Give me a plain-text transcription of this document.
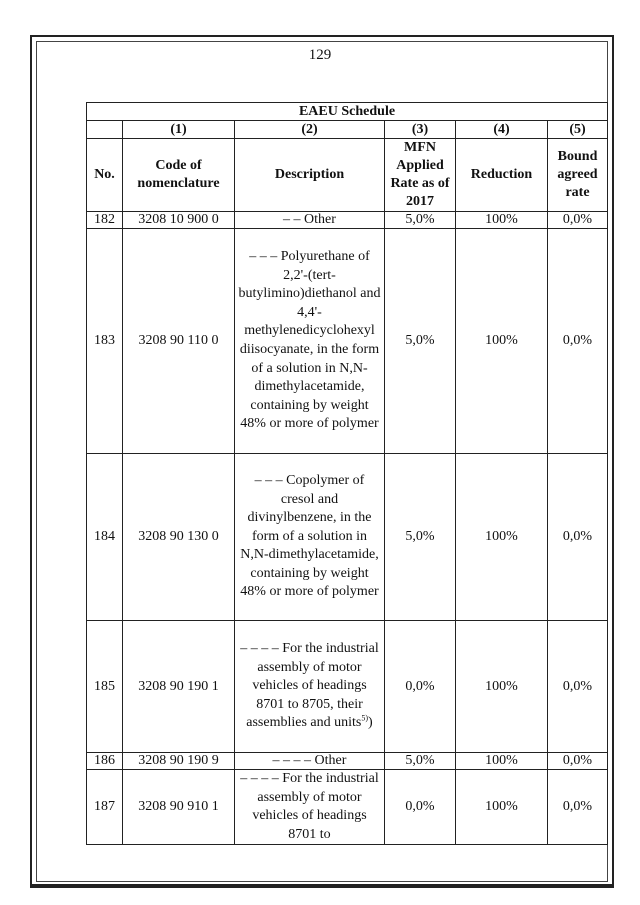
129
EAEU Schedule					
	(1)	(2)	(3)	(4)	(5)
No.	Code of nomenclature	Description	MFN Applied Rate as of 2017	Reduction	Bound agreed rate
182	3208 10 900 0	– – Other	5,0%	100%	0,0%
183	3208 90 110 0	– – – Polyurethane of 2,2'-(tert-butylimino)diethanol and 4,4'-methylenedicyclohexyl diisocyanate, in the form of a solution in N,N-dimethylacetamide, containing by weight 48% or more of polymer	5,0%	100%	0,0%
184	3208 90 130 0	– – – Copolymer of cresol and divinylbenzene, in the form of a solution in N,N-dimethylacetamide, containing by weight 48% or more of polymer	5,0%	100%	0,0%
185	3208 90 190 1	– – – – For the industrial assembly of motor vehicles of headings 8701 to 8705, their assemblies and units$^{5)}$)	0,0%	100%	0,0%
186	3208 90 190 9	– – – – Other	5,0%	100%	0,0%
187	3208 90 910 1	– – – – For the industrial assembly of motor vehicles of headings 8701 to	0,0%	100%	0,0%
